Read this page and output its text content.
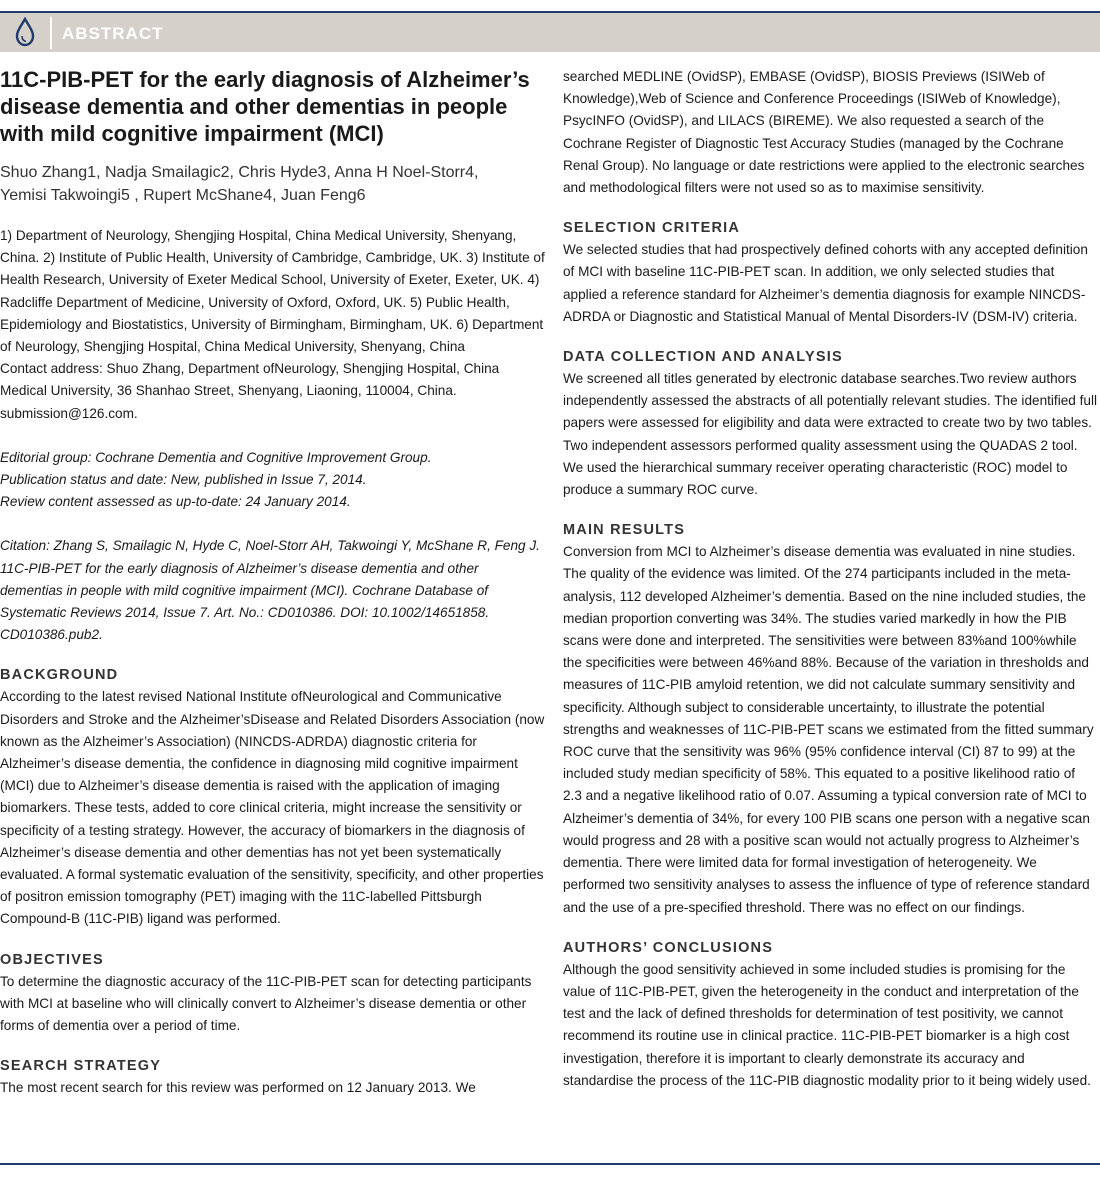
ABSTRACT
11C-PIB-PET for the early diagnosis of Alzheimer’s disease dementia and other dementias in people with mild cognitive impairment (MCI)
Shuo Zhang1, Nadja Smailagic2, Chris Hyde3, Anna H Noel-Storr4,
Yemisi Takwoingi5 , Rupert McShane4, Juan Feng6

1) Department of Neurology, Shengjing Hospital, China Medical University, Shenyang, China. 2) Institute of Public Health, University of Cambridge, Cambridge, UK. 3) Institute of Health Research, University of Exeter Medical School, University of Exeter, Exeter, UK. 4) Radcliffe Department of Medicine, University of Oxford, Oxford, UK. 5) Public Health, Epidemiology and Biostatistics, University of Birmingham, Birmingham, UK. 6) Department of Neurology, Shengjing Hospital, China Medical University, Shenyang, China

Contact address: Shuo Zhang, Department ofNeurology, Shengjing Hospital, China Medical University, 36 Shanhao Street, Shenyang, Liaoning, 110004, China. submission@126.com.

Editorial group: Cochrane Dementia and Cognitive Improvement Group.

Publication status and date: New, published in Issue 7, 2014.

Review content assessed as up-to-date: 24 January 2014.

Citation: Zhang S, Smailagic N, Hyde C, Noel-Storr AH, Takwoingi Y, McShane R, Feng J. 11C-PIB-PET for the early diagnosis of Alzheimer’s disease dementia and other dementias in people with mild cognitive impairment (MCI). Cochrane Database of Systematic Reviews 2014, Issue 7. Art. No.: CD010386. DOI: 10.1002/14651858. CD010386.pub2.

BACKGROUND

According to the latest revised National Institute ofNeurological and Communicative Disorders and Stroke and the Alzheimer’sDisease and Related Disorders Association (now known as the Alzheimer’s Association) (NINCDS-ADRDA) diagnostic criteria for Alzheimer’s disease dementia, the confidence in diagnosing mild cognitive impairment (MCI) due to Alzheimer’s disease dementia is raised with the application of imaging biomarkers. These tests, added to core clinical criteria, might increase the sensitivity or specificity of a testing strategy. However, the accuracy of biomarkers in the diagnosis of Alzheimer’s disease dementia and other dementias has not yet been systematically evaluated. A formal systematic evaluation of the sensitivity, specificity, and other properties of positron emission tomography (PET) imaging with the 11C-labelled Pittsburgh Compound-B (11C-PIB) ligand was performed.

OBJECTIVES

To determine the diagnostic accuracy of the 11C-PIB-PET scan for detecting participants with MCI at baseline who will clinically convert to Alzheimer’s disease dementia or other forms of dementia over a period of time.

SEARCH STRATEGY

The most recent search for this review was performed on 12 January 2013. We

searched MEDLINE (OvidSP), EMBASE (OvidSP), BIOSIS Previews (ISIWeb of Knowledge),Web of Science and Conference Proceedings (ISIWeb of Knowledge), PsycINFO (OvidSP), and LILACS (BIREME). We also requested a search of the Cochrane Register of Diagnostic Test Accuracy Studies (managed by the Cochrane Renal Group). No language or date restrictions were applied to the electronic searches and methodological filters were not used so as to maximise sensitivity.

SELECTION CRITERIA

We selected studies that had prospectively defined cohorts with any accepted definition of MCI with baseline 11C-PIB-PET scan. In addition, we only selected studies that applied a reference standard for Alzheimer’s dementia diagnosis for example NINCDS-ADRDA or Diagnostic and Statistical Manual of Mental Disorders-IV (DSM-IV) criteria.

DATA COLLECTION AND ANALYSIS

We screened all titles generated by electronic database searches.Two review authors independently assessed the abstracts of all potentially relevant studies. The identified full papers were assessed for eligibility and data were extracted to create two by two tables. Two independent assessors performed quality assessment using the QUADAS 2 tool. We used the hierarchical summary receiver operating characteristic (ROC) model to produce a summary ROC curve.

MAIN RESULTS

Conversion from MCI to Alzheimer’s disease dementia was evaluated in nine studies. The quality of the evidence was limited. Of the 274 participants included in the meta-analysis, 112 developed Alzheimer’s dementia. Based on the nine included studies, the median proportion converting was 34%. The studies varied markedly in how the PIB scans were done and interpreted. The sensitivities were between 83%and 100%while the specificities were between 46%and 88%. Because of the variation in thresholds and measures of 11C-PIB amyloid retention, we did not calculate summary sensitivity and specificity. Although subject to considerable uncertainty, to illustrate the potential strengths and weaknesses of 11C-PIB-PET scans we estimated from the fitted summary ROC curve that the sensitivity was 96% (95% confidence interval (CI) 87 to 99) at the included study median specificity of 58%. This equated to a positive likelihood ratio of 2.3 and a negative likelihood ratio of 0.07. Assuming a typical conversion rate of MCI to Alzheimer’s dementia of 34%, for every 100 PIB scans one person with a negative scan would progress and 28 with a positive scan would not actually progress to Alzheimer’s dementia. There were limited data for formal investigation of heterogeneity. We performed two sensitivity analyses to assess the influence of type of reference standard and the use of a pre-specified threshold. There was no effect on our findings.

AUTHORS’ CONCLUSIONS

Although the good sensitivity achieved in some included studies is promising for the value of 11C-PIB-PET, given the heterogeneity in the conduct and interpretation of the test and the lack of defined thresholds for determination of test positivity, we cannot recommend its routine use in clinical practice. 11C-PIB-PET biomarker is a high cost investigation, therefore it is important to clearly demonstrate its accuracy and standardise the process of the 11C-PIB diagnostic modality prior to it being widely used.
